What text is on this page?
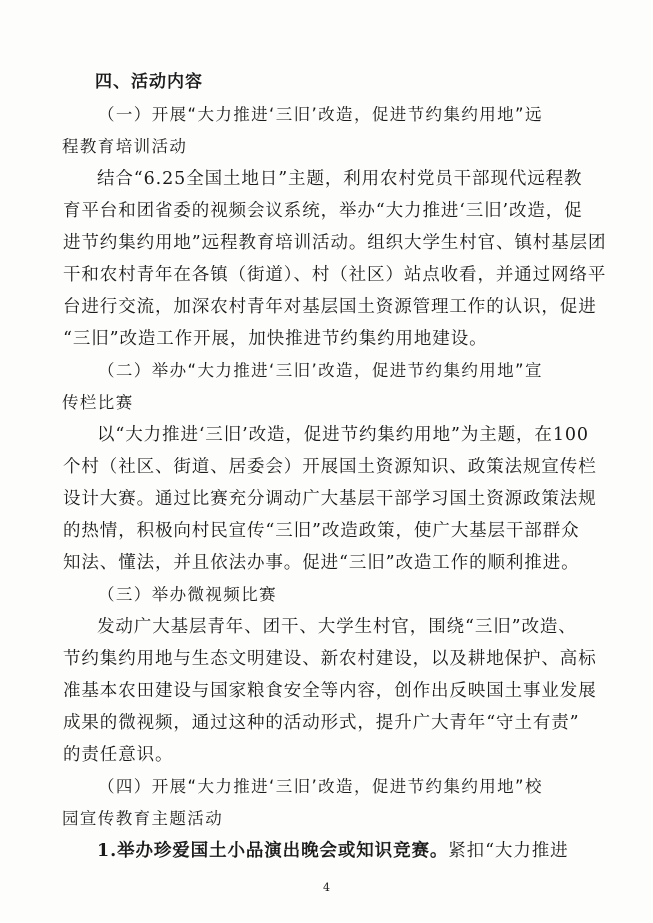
四、活动内容
（一）开展“大力推进‘三旧’改造，促进节约集约用地”远
程教育培训活动
结合“6.25全国土地日”主题，利用农村党员干部现代远程教
育平台和团省委的视频会议系统，举办“大力推进‘三旧’改造，促
进节约集约用地”远程教育培训活动。组织大学生村官、镇村基层团
干和农村青年在各镇（街道）、村（社区）站点收看，并通过网络平
台进行交流，加深农村青年对基层国土资源管理工作的认识，促进
“三旧”改造工作开展，加快推进节约集约用地建设。
（二）举办“大力推进‘三旧’改造，促进节约集约用地”宣
传栏比赛
以“大力推进‘三旧’改造，促进节约集约用地”为主题，在100
个村（社区、街道、居委会）开展国土资源知识、政策法规宣传栏
设计大赛。通过比赛充分调动广大基层干部学习国土资源政策法规
的热情，积极向村民宣传“三旧”改造政策，使广大基层干部群众
知法、懂法，并且依法办事。促进“三旧”改造工作的顺利推进。
（三）举办微视频比赛
发动广大基层青年、团干、大学生村官，围绕“三旧”改造、
节约集约用地与生态文明建设、新农村建设，以及耕地保护、高标
准基本农田建设与国家粮食安全等内容，创作出反映国土事业发展
成果的微视频，通过这种的活动形式，提升广大青年“守土有责”
的责任意识。
（四）开展“大力推进‘三旧’改造，促进节约集约用地”校
园宣传教育主题活动
1.举办珍爱国土小品演出晚会或知识竞赛。紧扣“大力推进
4
